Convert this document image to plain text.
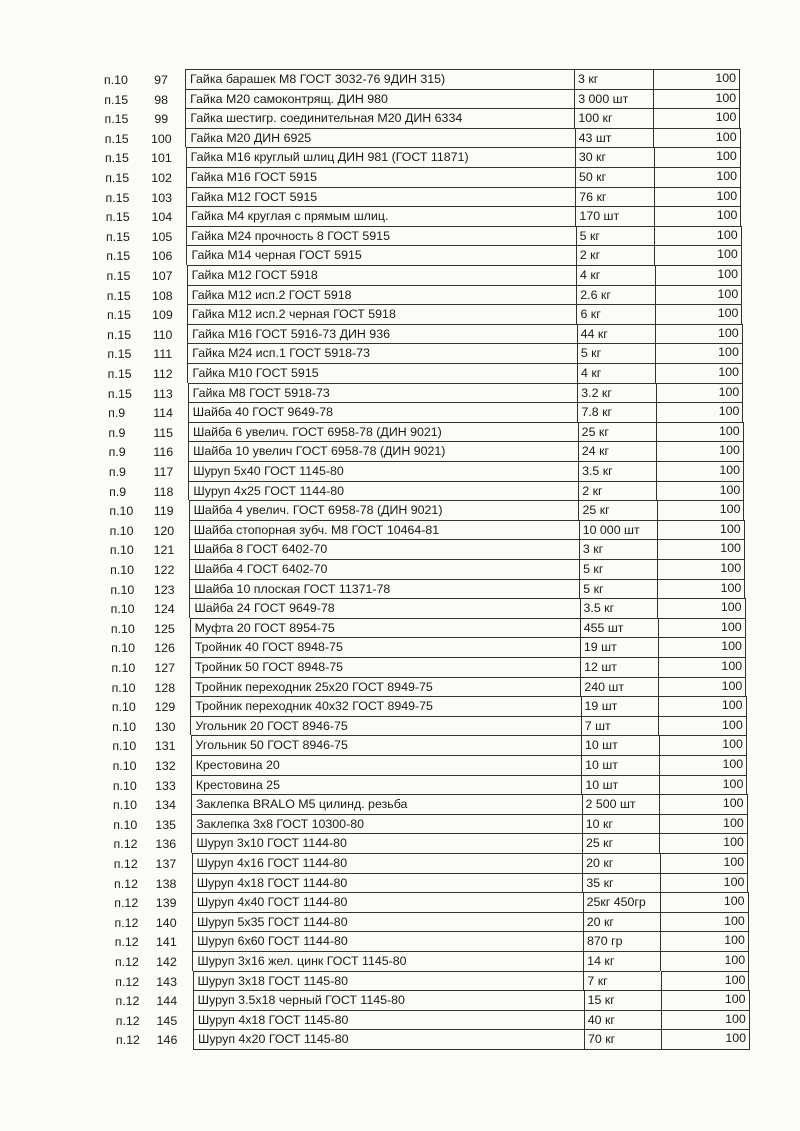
п.10	97	Гайка барашек М8 ГОСТ 3032-76 9ДИН 315)	3 кг	100
п.15	98	Гайка М20 самоконтрящ. ДИН 980	3 000 шт	100
п.15	99	Гайка шестигр. соединительная М20 ДИН 6334	100 кг	100
п.15	100	Гайка М20 ДИН 6925	43 шт	100
п.15	101	Гайка М16 круглый шлиц ДИН 981 (ГОСТ 11871)	30 кг	100
п.15	102	Гайка М16 ГОСТ 5915	50 кг	100
п.15	103	Гайка М12 ГОСТ 5915	76 кг	100
п.15	104	Гайка М4 круглая с прямым шлиц.	170 шт	100
п.15	105	Гайка М24 прочность 8 ГОСТ 5915	5 кг	100
п.15	106	Гайка М14 черная ГОСТ 5915	2 кг	100
п.15	107	Гайка М12 ГОСТ 5918	4 кг	100
п.15	108	Гайка М12 исп.2 ГОСТ 5918	2.6 кг	100
п.15	109	Гайка М12 исп.2 черная ГОСТ 5918	6 кг	100
п.15	110	Гайка М16 ГОСТ 5916-73 ДИН 936	44 кг	100
п.15	111	Гайка М24 исп.1 ГОСТ 5918-73	5 кг	100
п.15	112	Гайка М10 ГОСТ 5915	4 кг	100
п.15	113	Гайка М8 ГОСТ 5918-73	3.2 кг	100
п.9	114	Шайба 40 ГОСТ 9649-78	7.8 кг	100
п.9	115	Шайба 6 увелич. ГОСТ 6958-78 (ДИН 9021)	25 кг	100
п.9	116	Шайба 10 увелич ГОСТ 6958-78 (ДИН 9021)	24 кг	100
п.9	117	Шуруп 5х40 ГОСТ 1145-80	3.5 кг	100
п.9	118	Шуруп 4х25 ГОСТ 1144-80	2 кг	100
п.10	119	Шайба 4 увелич. ГОСТ 6958-78 (ДИН 9021)	25 кг	100
п.10	120	Шайба стопорная зубч. М8 ГОСТ 10464-81	10 000 шт	100
п.10	121	Шайба 8 ГОСТ 6402-70	3 кг	100
п.10	122	Шайба 4 ГОСТ 6402-70	5 кг	100
п.10	123	Шайба 10 плоская ГОСТ 11371-78	5 кг	100
п.10	124	Шайба 24 ГОСТ 9649-78	3.5 кг	100
п.10	125	Муфта 20 ГОСТ 8954-75	455 шт	100
п.10	126	Тройник 40 ГОСТ 8948-75	19 шт	100
п.10	127	Тройник 50 ГОСТ 8948-75	12 шт	100
п.10	128	Тройник переходник 25х20 ГОСТ 8949-75	240 шт	100
п.10	129	Тройник переходник 40х32 ГОСТ 8949-75	19 шт	100
п.10	130	Угольник 20 ГОСТ 8946-75	7 шт	100
п.10	131	Угольник 50 ГОСТ 8946-75	10 шт	100
п.10	132	Крестовина 20	10 шт	100
п.10	133	Крестовина 25	10 шт	100
п.10	134	Заклепка BRALO M5 цилинд. резьба	2 500 шт	100
п.10	135	Заклепка 3х8 ГОСТ 10300-80	10 кг	100
п.12	136	Шуруп 3х10 ГОСТ 1144-80	25 кг	100
п.12	137	Шуруп 4х16 ГОСТ 1144-80	20 кг	100
п.12	138	Шуруп 4х18 ГОСТ 1144-80	35 кг	100
п.12	139	Шуруп 4х40 ГОСТ 1144-80	25кг 450гр	100
п.12	140	Шуруп 5х35 ГОСТ 1144-80	20 кг	100
п.12	141	Шуруп 6х60 ГОСТ 1144-80	870 гр	100
п.12	142	Шуруп 3х16 жел. цинк ГОСТ 1145-80	14 кг	100
п.12	143	Шуруп 3х18 ГОСТ 1145-80	7 кг	100
п.12	144	Шуруп 3.5х18 черный ГОСТ 1145-80	15 кг	100
п.12	145	Шуруп 4х18 ГОСТ 1145-80	40 кг	100
п.12	146	Шуруп 4х20 ГОСТ 1145-80	70 кг	100
